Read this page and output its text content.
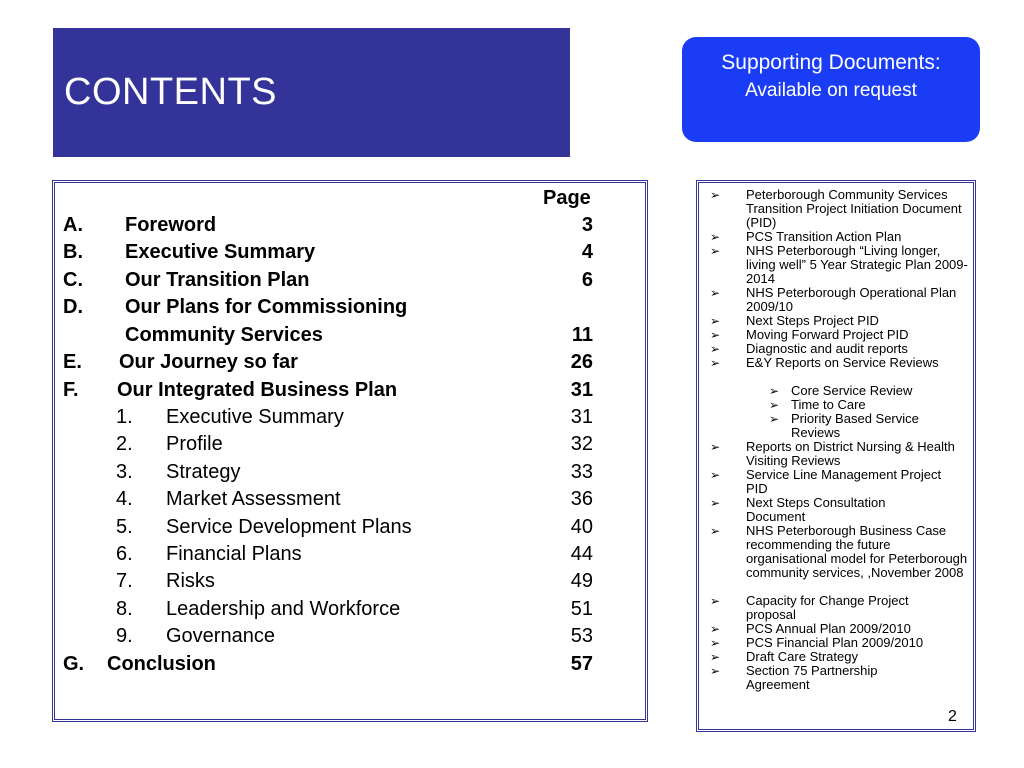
CONTENTS
Supporting Documents:
Available on request
Page
A. Foreword	3
B. Executive Summary	4
C. Our Transition Plan	6
D. Our Plans for Commissioning
Community Services	11
E. Our Journey so far	26
F. Our Integrated Business Plan	31
1. Executive Summary	31
2. Profile	32
3. Strategy	33
4. Market Assessment	36
5. Service Development Plans	40
6. Financial Plans	44
7. Risks	49
8. Leadership and Workforce	51
9. Governance	53
G. Conclusion	57
➢ Peterborough Community Services Transition Project Initiation Document (PID)
➢ PCS Transition Action Plan
➢ NHS Peterborough “Living longer, living well” 5 Year Strategic Plan 2009-2014
➢ NHS Peterborough Operational Plan 2009/10
➢ Next Steps Project PID
➢ Moving Forward Project PID
➢ Diagnostic and audit reports
➢ E&Y Reports on Service Reviews
➢ Core Service Review
➢ Time to Care
➢ Priority Based Service Reviews
➢ Reports on District Nursing & Health Visiting Reviews
➢ Service Line Management Project PID
➢ Next Steps Consultation Document
➢ NHS Peterborough Business Case recommending the future organisational model for Peterborough community services, ,November 2008
➢ Capacity for Change Project proposal
➢ PCS Annual Plan 2009/2010
➢ PCS Financial Plan 2009/2010
➢ Draft Care Strategy
➢ Section 75 Partnership Agreement
2
